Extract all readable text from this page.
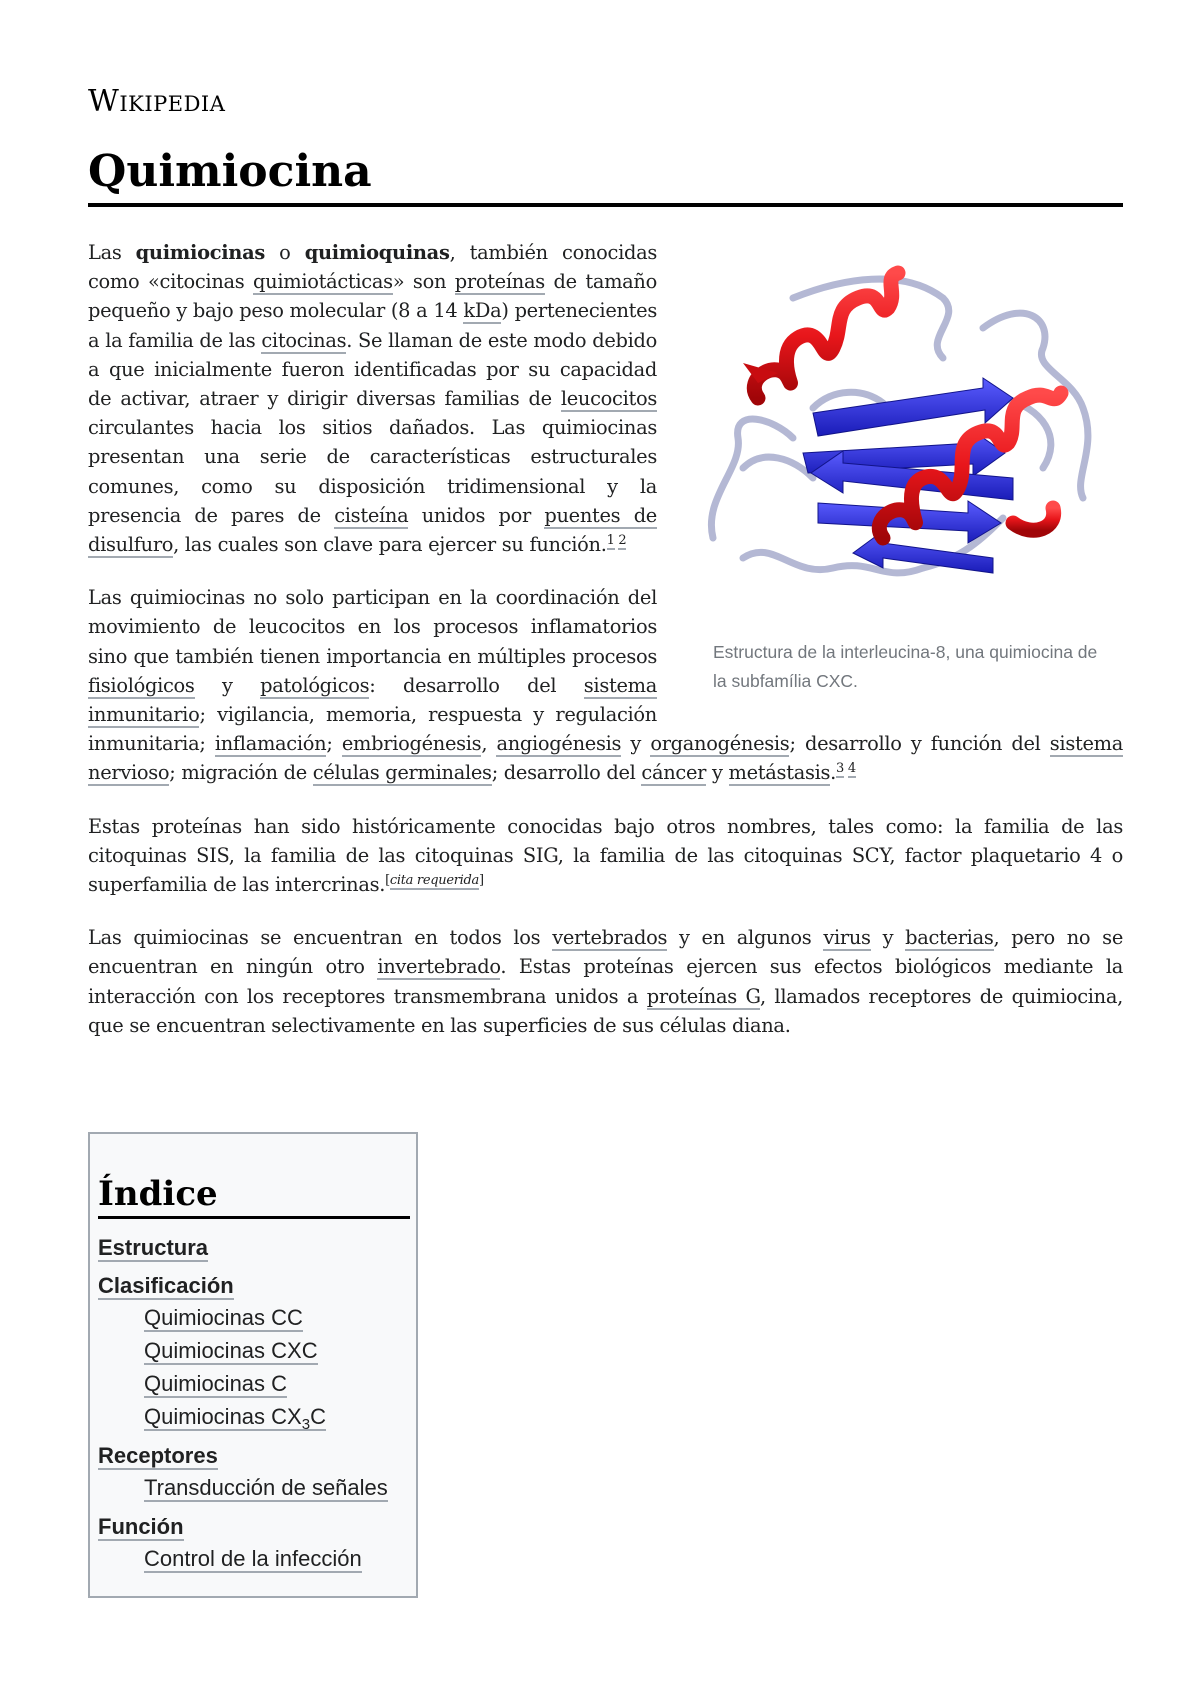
Wikipedia
Quimiocina
Estructura de la interleucina-8, una quimiocina de la subfamília CXC.

Las quimiocinas o quimioquinas, también conocidas como «citocinas quimiotácticas» son proteínas de tamaño pequeño y bajo peso molecular (8 a 14 kDa) pertenecientes a la familia de las citocinas. Se llaman de este modo debido a que inicialmente fueron identificadas por su capacidad de activar, atraer y dirigir diversas familias de leucocitos circulantes hacia los sitios dañados. Las quimiocinas presentan una serie de características estructurales comunes, como su disposición tridimensional y la presencia de pares de cisteína unidos por puentes de disulfuro, las cuales son clave para ejercer su función.$^{1 2}$

Las quimiocinas no solo participan en la coordinación del movimiento de leucocitos en los procesos inflamatorios sino que también tienen importancia en múltiples procesos fisiológicos y patológicos: desarrollo del sistema inmunitario; vigilancia, memoria, respuesta y regulación inmunitaria; inflamación; embriogénesis, angiogénesis y organogénesis; desarrollo y función del sistema nervioso; migración de células germinales; desarrollo del cáncer y metástasis.$^{3 4}$

Estas proteínas han sido históricamente conocidas bajo otros nombres, tales como: la familia de las citoquinas SIS, la familia de las citoquinas SIG, la familia de las citoquinas SCY, factor plaquetario 4 o superfamilia de las intercrinas.[cita requerida]

Las quimiocinas se encuentran en todos los vertebrados y en algunos virus y bacterias, pero no se encuentran en ningún otro invertebrado. Estas proteínas ejercen sus efectos biológicos mediante la interacción con los receptores transmembrana unidos a proteínas G, llamados receptores de quimiocina, que se encuentran selectivamente en las superficies de sus células diana.

Índice
Estructura
Clasificación
Quimiocinas CC
Quimiocinas CXC
Quimiocinas C
Quimiocinas $CX_3C$
Receptores
Transducción de señales
Función
Control de la infección
